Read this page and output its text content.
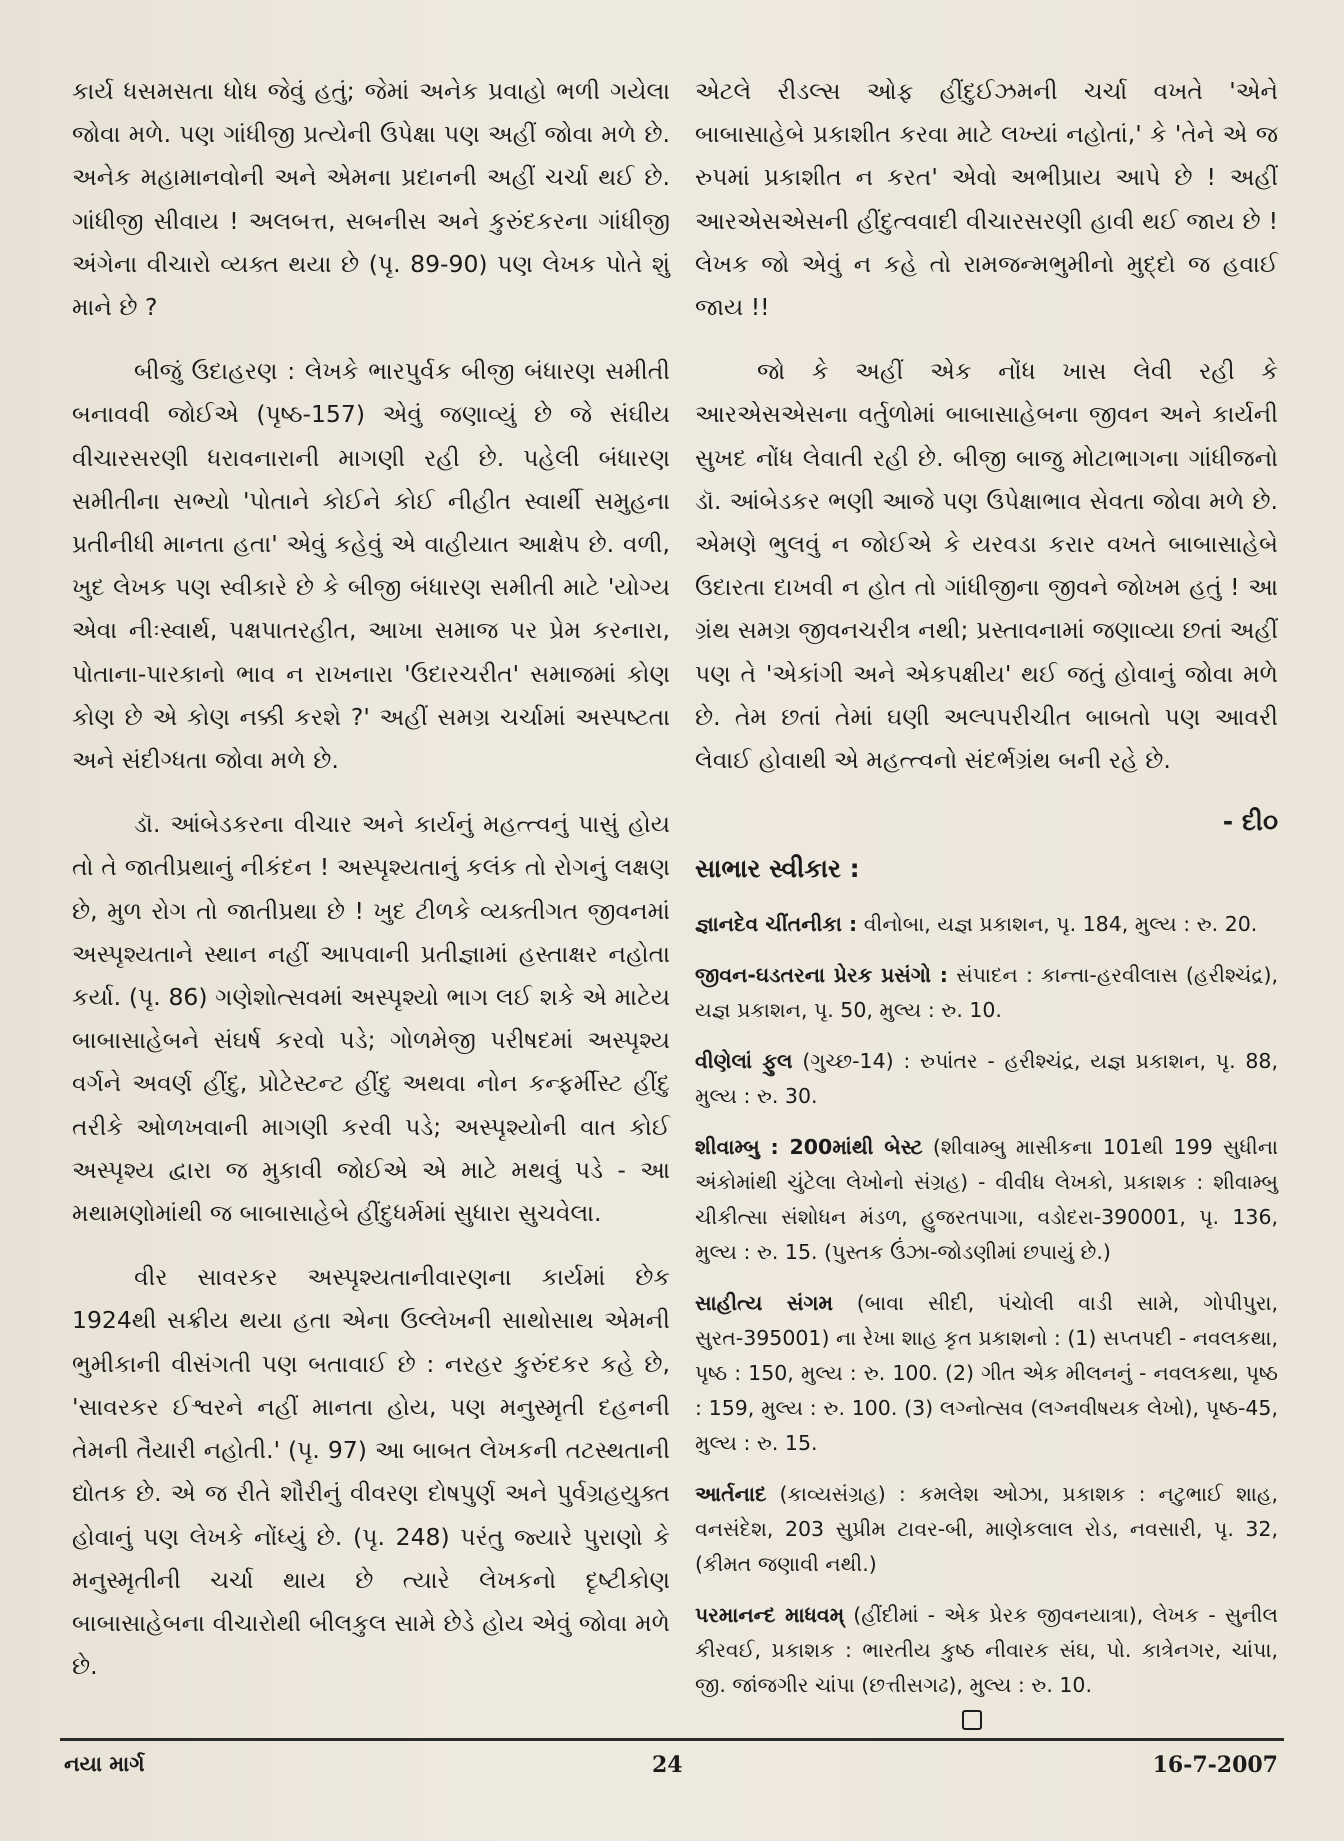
કાર્ય ધસમસતા ધોધ જેવું હતું; જેમાં અનેક પ્રવાહો ભળી ગયેલા જોવા મળે. પણ ગાંધીજી પ્રત્યેની ઉપેક્ષા પણ અહીં જોવા મળે છે. અનેક મહામાનવોની અને એમના પ્રદાનની અહીં ચર્ચા થઈ છે. ગાંધીજી સીવાય ! અલબત્ત, સબનીસ અને કુરુંદકરના ગાંધીજી અંગેના વીચારો વ્યક્ત થયા છે (પૃ. 89-90) પણ લેખક પોતે શું માને છે ?

બીજું ઉદાહરણ : લેખકે ભારપુર્વક બીજી બંધારણ સમીતી બનાવવી જોઈએ (પૃષ્ઠ-157) એવું જણાવ્યું છે જે સંઘીય વીચારસરણી ધરાવનારાની માગણી રહી છે. પહેલી બંધારણ સમીતીના સભ્યો 'પોતાને કોઈને કોઈ નીહીત સ્વાર્થી સમુહના પ્રતીનીધી માનતા હતા' એવું કહેવું એ વાહીયાત આક્ષેપ છે. વળી, ખુદ લેખક પણ સ્વીકારે છે કે બીજી બંધારણ સમીતી માટે 'યોગ્ય એવા નીઃસ્વાર્થ, પક્ષપાતરહીત, આખા સમાજ પર પ્રેમ કરનારા, પોતાના-પારકાનો ભાવ ન રાખનારા 'ઉદારચરીત' સમાજમાં કોણ કોણ છે એ કોણ નક્કી કરશે ?' અહીં સમગ્ર ચર્ચામાં અસ્પષ્ટતા અને સંદીગ્ધતા જોવા મળે છે.

ડૉ. આંબેડકરના વીચાર અને કાર્યનું મહત્ત્વનું પાસું હોય તો તે જાતીપ્રથાનું નીકંદન ! અસ્પૃશ્યતાનું કલંક તો રોગનું લક્ષણ છે, મુળ રોગ તો જાતીપ્રથા છે ! ખુદ ટીળકે વ્યક્તીગત જીવનમાં અસ્પૃશ્યતાને સ્થાન નહીં આપવાની પ્રતીજ્ઞામાં હસ્તાક્ષર નહોતા કર્યા. (પૃ. 86) ગણેશોત્સવમાં અસ્પૃશ્યો ભાગ લઈ શકે એ માટેય બાબાસાહેબને સંઘર્ષ કરવો પડે; ગોળમેજી પરીષદમાં અસ્પૃશ્ય વર્ગને અવર્ણ હીંદુ, પ્રોટેસ્ટન્ટ હીંદુ અથવા નોન કન્ફર્મીસ્ટ હીંદુ તરીકે ઓળખવાની માગણી કરવી પડે; અસ્પૃશ્યોની વાત કોઈ અસ્પૃશ્ય દ્વારા જ મુકાવી જોઈએ એ માટે મથવું પડે - આ મથામણોમાંથી જ બાબાસાહેબે હીંદુધર્મમાં સુધારા સુચવેલા.

વીર સાવરકર અસ્પૃશ્યતાનીવારણના કાર્યમાં છેક 1924થી સક્રીય થયા હતા એના ઉલ્લેખની સાથોસાથ એમની ભુમીકાની વીસંગતી પણ બતાવાઈ છે : નરહર કુરુંદકર કહે છે, 'સાવરકર ઈશ્વરને નહીં માનતા હોય, પણ મનુસ્મૃતી દહનની તેમની તૈયારી નહોતી.' (પૃ. 97) આ બાબત લેખકની તટસ્થતાની દ્યોતક છે. એ જ રીતે શૌરીનું વીવરણ દોષપુર્ણ અને પુર્વગ્રહયુક્ત હોવાનું પણ લેખકે નોંધ્યું છે. (પૃ. 248) પરંતુ જ્યારે પુરાણો કે મનુસ્મૃતીની ચર્ચા થાય છે ત્યારે લેખકનો દૃષ્ટીકોણ બાબાસાહેબના વીચારોથી બીલકુલ સામે છેડે હોય એવું જોવા મળે છે.

એટલે રીડલ્સ ઓફ હીંદુઈઝમની ચર્ચા વખતે 'એને બાબાસાહેબે પ્રકાશીત કરવા માટે લખ્યાં નહોતાં,' કે 'તેને એ જ રુપમાં પ્રકાશીત ન કરત' એવો અભીપ્રાય આપે છે ! અહીં આરએસએસની હીંદુત્વવાદી વીચારસરણી હાવી થઈ જાય છે ! લેખક જો એવું ન કહે તો રામજન્મભુમીનો મુદ્દો જ હવાઈ જાય !!

જો કે અહીં એક નોંધ ખાસ લેવી રહી કે આરએસએસના વર્તુળોમાં બાબાસાહેબના જીવન અને કાર્યની સુખદ નોંધ લેવાતી રહી છે. બીજી બાજુ મોટાભાગના ગાંધીજનો ડૉ. આંબેડકર ભણી આજે પણ ઉપેક્ષાભાવ સેવતા જોવા મળે છે. એમણે ભુલવું ન જોઈએ કે યરવડા કરાર વખતે બાબાસાહેબે ઉદારતા દાખવી ન હોત તો ગાંધીજીના જીવને જોખમ હતું ! આ ગ્રંથ સમગ્ર જીવનચરીત્ર નથી; પ્રસ્તાવનામાં જણાવ્યા છતાં અહીં પણ તે 'એકાંગી અને એકપક્ષીય' થઈ જતું હોવાનું જોવા મળે છે. તેમ છતાં તેમાં ઘણી અલ્પપરીચીત બાબતો પણ આવરી લેવાઈ હોવાથી એ મહત્ત્વનો સંદર્ભગ્રંથ બની રહે છે.

- દી૦

સાભાર સ્વીકાર :

જ્ઞાનદેવ ચીંતનીકા : વીનોબા, યજ્ઞ પ્રકાશન, પૃ. 184, મુલ્ય : રુ. 20.

જીવન-ઘડતરના પ્રેરક પ્રસંગો : સંપાદન : કાન્તા-હરવીલાસ (હરીશ્ચંદ્ર), યજ્ઞ પ્રકાશન, પૃ. 50, મુલ્ય : રુ. 10.

વીણેલાં ફુલ (ગુચ્છ-14) : રુપાંતર - હરીશ્ચંદ્ર, યજ્ઞ પ્રકાશન, પૃ. 88, મુલ્ય : રુ. 30.

શીવામ્બુ : 200માંથી બેસ્ટ (શીવામ્બુ માસીકના 101થી 199 સુધીના અંકોમાંથી ચુંટેલા લેખોનો સંગ્રહ) - વીવીધ લેખકો, પ્રકાશક : શીવામ્બુ ચીકીત્સા સંશોધન મંડળ, હુજરતપાગા, વડોદરા-390001, પૃ. 136, મુલ્ય : રુ. 15. (પુસ્તક ઉંઝા-જોડણીમાં છપાયું છે.)

સાહીત્ય સંગમ (બાવા સીદી, પંચોલી વાડી સામે, ગોપીપુરા, સુરત-395001) ના રેખા શાહ કૃત પ્રકાશનો : (1) સપ્તપદી - નવલકથા, પૃષ્ઠ : 150, મુલ્ય : રુ. 100. (2) ગીત એક મીલનનું - નવલકથા, પૃષ્ઠ : 159, મુલ્ય : રુ. 100. (3) લગ્નોત્સવ (લગ્નવીષયક લેખો), પૃષ્ઠ-45, મુલ્ય : રુ. 15.

આર્તનાદ (કાવ્યસંગ્રહ) : કમલેશ ઓઝા, પ્રકાશક : નટુભાઈ શાહ, વનસંદેશ, 203 સુપ્રીમ ટાવર-બી, માણેકલાલ રોડ, નવસારી, પૃ. 32, (કીમત જણાવી નથી.)

પરમાનન્દ માધવમ્ (હીંદીમાં - એક પ્રેરક જીવનયાત્રા), લેખક - સુનીલ કીરવઈ, પ્રકાશક : ભારતીય કુષ્ઠ નીવારક સંઘ, પો. કાત્રેનગર, ચાંપા, જી. જાંજગીર ચાંપા (છત્તીસગઢ), મુલ્ય : રુ. 10.

નયા માર્ગ	24	16-7-2007
